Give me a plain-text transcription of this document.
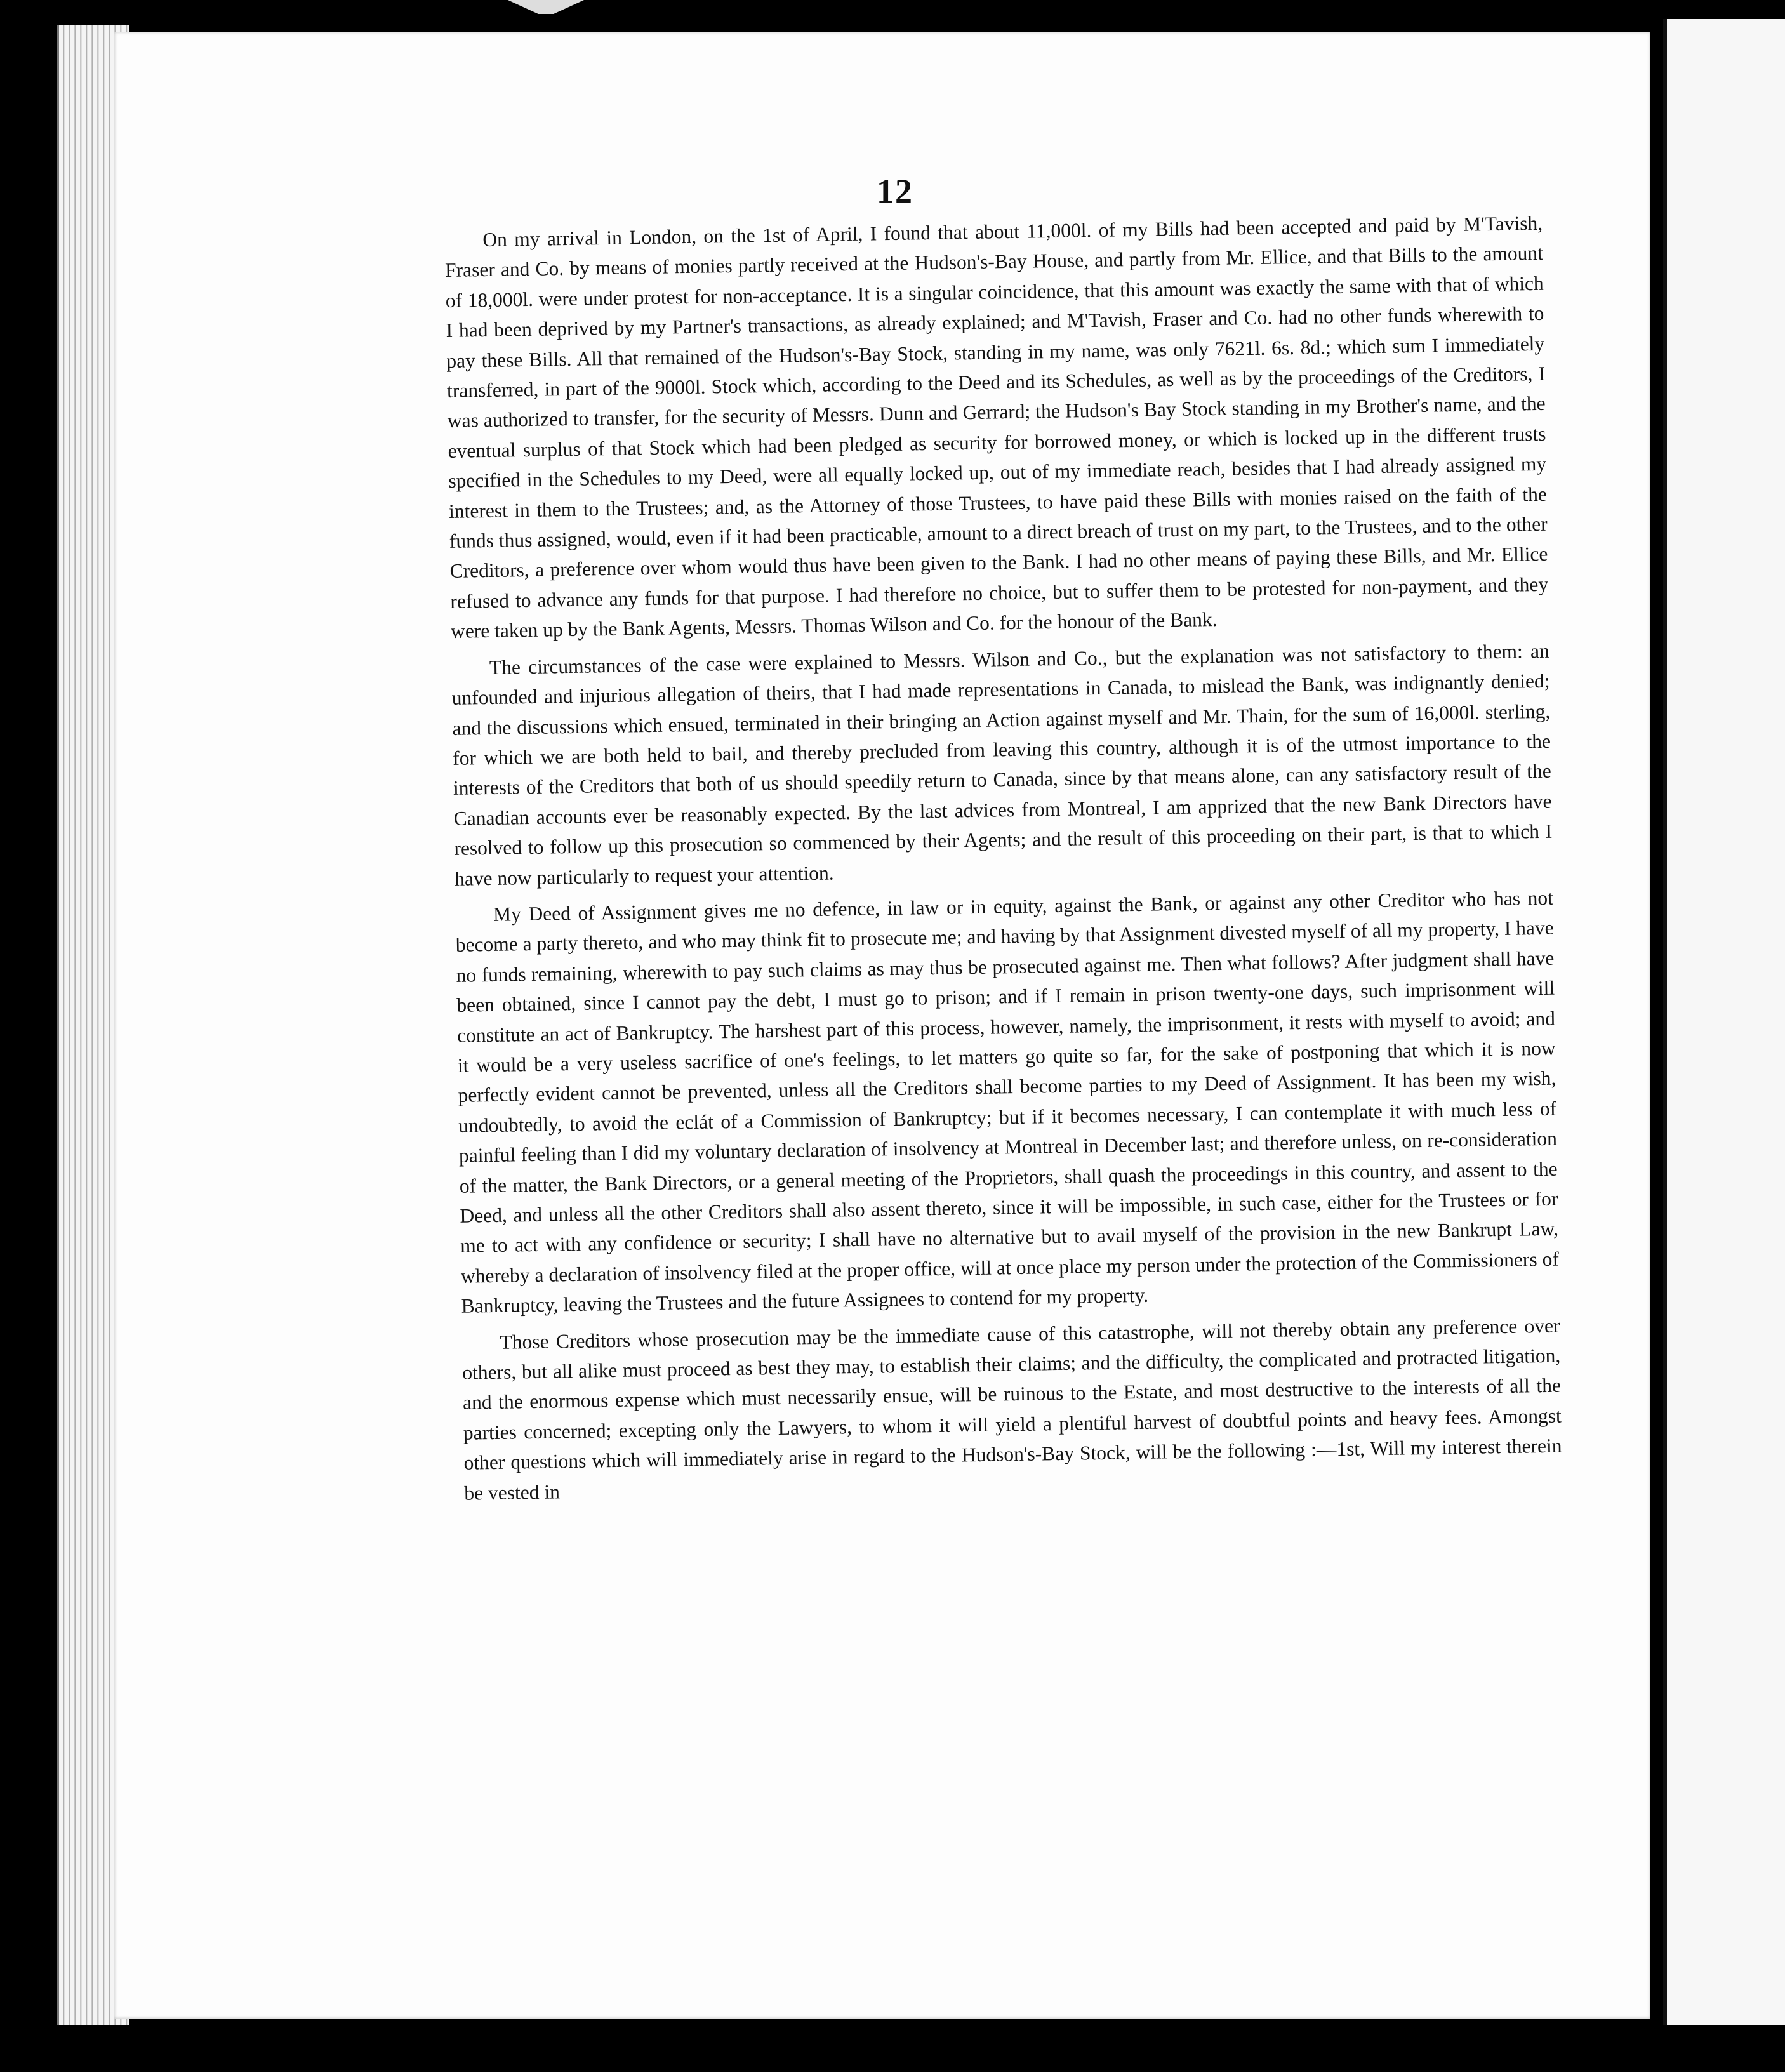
12

On my arrival in London, on the 1st of April, I found that about 11,000l. of my Bills had been accepted and paid by M'Tavish, Fraser and Co. by means of monies partly received at the Hudson's-Bay House, and partly from Mr. Ellice, and that Bills to the amount of 18,000l. were under protest for non-acceptance. It is a singular coincidence, that this amount was exactly the same with that of which I had been deprived by my Partner's transactions, as already explained; and M'Tavish, Fraser and Co. had no other funds wherewith to pay these Bills. All that remained of the Hudson's-Bay Stock, standing in my name, was only 7621l. 6s. 8d.; which sum I immediately transferred, in part of the 9000l. Stock which, according to the Deed and its Schedules, as well as by the proceedings of the Creditors, I was authorized to transfer, for the security of Messrs. Dunn and Gerrard; the Hudson's Bay Stock standing in my Brother's name, and the eventual surplus of that Stock which had been pledged as security for borrowed money, or which is locked up in the different trusts specified in the Schedules to my Deed, were all equally locked up, out of my immediate reach, besides that I had already assigned my interest in them to the Trustees; and, as the Attorney of those Trustees, to have paid these Bills with monies raised on the faith of the funds thus assigned, would, even if it had been practicable, amount to a direct breach of trust on my part, to the Trustees, and to the other Creditors, a preference over whom would thus have been given to the Bank. I had no other means of paying these Bills, and Mr. Ellice refused to advance any funds for that purpose. I had therefore no choice, but to suffer them to be protested for non-payment, and they were taken up by the Bank Agents, Messrs. Thomas Wilson and Co. for the honour of the Bank.

The circumstances of the case were explained to Messrs. Wilson and Co., but the explanation was not satisfactory to them: an unfounded and injurious allegation of theirs, that I had made representations in Canada, to mislead the Bank, was indignantly denied; and the discussions which ensued, terminated in their bringing an Action against myself and Mr. Thain, for the sum of 16,000l. sterling, for which we are both held to bail, and thereby precluded from leaving this country, although it is of the utmost importance to the interests of the Creditors that both of us should speedily return to Canada, since by that means alone, can any satisfactory result of the Canadian accounts ever be reasonably expected. By the last advices from Montreal, I am apprized that the new Bank Directors have resolved to follow up this prosecution so commenced by their Agents; and the result of this proceeding on their part, is that to which I have now particularly to request your attention.

My Deed of Assignment gives me no defence, in law or in equity, against the Bank, or against any other Creditor who has not become a party thereto, and who may think fit to prosecute me; and having by that Assignment divested myself of all my property, I have no funds remaining, wherewith to pay such claims as may thus be prosecuted against me. Then what follows? After judgment shall have been obtained, since I cannot pay the debt, I must go to prison; and if I remain in prison twenty-one days, such imprisonment will constitute an act of Bankruptcy. The harshest part of this process, however, namely, the imprisonment, it rests with myself to avoid; and it would be a very useless sacrifice of one's feelings, to let matters go quite so far, for the sake of postponing that which it is now perfectly evident cannot be prevented, unless all the Creditors shall become parties to my Deed of Assignment. It has been my wish, undoubtedly, to avoid the eclát of a Commission of Bankruptcy; but if it becomes necessary, I can contemplate it with much less of painful feeling than I did my voluntary declaration of insolvency at Montreal in December last; and therefore unless, on re-consideration of the matter, the Bank Directors, or a general meeting of the Proprietors, shall quash the proceedings in this country, and assent to the Deed, and unless all the other Creditors shall also assent thereto, since it will be impossible, in such case, either for the Trustees or for me to act with any confidence or security; I shall have no alternative but to avail myself of the provision in the new Bankrupt Law, whereby a declaration of insolvency filed at the proper office, will at once place my person under the protection of the Commissioners of Bankruptcy, leaving the Trustees and the future Assignees to contend for my property.

Those Creditors whose prosecution may be the immediate cause of this catastrophe, will not thereby obtain any preference over others, but all alike must proceed as best they may, to establish their claims; and the difficulty, the complicated and protracted litigation, and the enormous expense which must necessarily ensue, will be ruinous to the Estate, and most destructive to the interests of all the parties concerned; excepting only the Lawyers, to whom it will yield a plentiful harvest of doubtful points and heavy fees. Amongst other questions which will immediately arise in regard to the Hudson's-Bay Stock, will be the following :—1st, Will my interest therein be vested in
